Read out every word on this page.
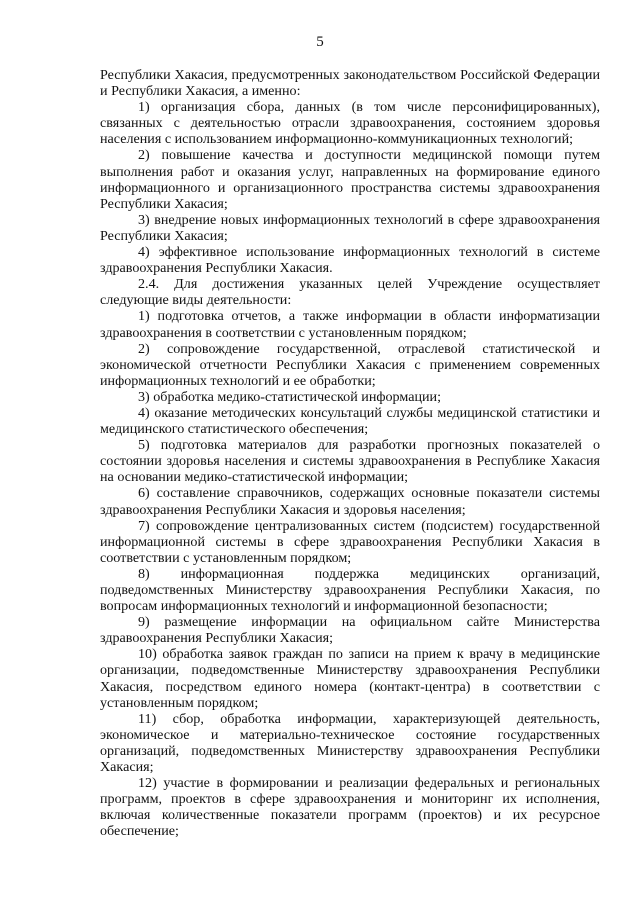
5

Республики Хакасия, предусмотренных законодательством Российской Федерации и Республики Хакасия, а именно:

1) организация сбора, данных (в том числе персонифицированных), связанных с деятельностью отрасли здравоохранения, состоянием здоровья населения с использованием информационно-коммуникационных технологий;

2) повышение качества и доступности медицинской помощи путем выполнения работ и оказания услуг, направленных на формирование единого информационного и организационного пространства системы здравоохранения Республики Хакасия;

3) внедрение новых информационных технологий в сфере здравоохранения Республики Хакасия;

4) эффективное использование информационных технологий в системе здравоохранения Республики Хакасия.

2.4. Для достижения указанных целей Учреждение осуществляет следующие виды деятельности:

1) подготовка отчетов, а также информации в области информатизации здравоохранения в соответствии с установленным порядком;

2) сопровождение государственной, отраслевой статистической и экономической отчетности Республики Хакасия с применением современных информационных технологий и ее обработки;

3) обработка медико-статистической информации;

4) оказание методических консультаций службы медицинской статистики и медицинского статистического обеспечения;

5) подготовка материалов для разработки прогнозных показателей о состоянии здоровья населения и системы здравоохранения в Республике Хакасия на основании медико-статистической информации;

6) составление справочников, содержащих основные показатели системы здравоохранения Республики Хакасия и здоровья населения;

7) сопровождение централизованных систем (подсистем) государственной информационной системы в сфере здравоохранения Республики Хакасия в соответствии с установленным порядком;

8) информационная поддержка медицинских организаций, подведомственных Министерству здравоохранения Республики Хакасия, по вопросам информационных технологий и информационной безопасности;

9) размещение информации на официальном сайте Министерства здравоохранения Республики Хакасия;

10) обработка заявок граждан по записи на прием к врачу в медицинские организации, подведомственные Министерству здравоохранения Республики Хакасия, посредством единого номера (контакт-центра) в соответствии с установленным порядком;

11) сбор, обработка информации, характеризующей деятельность, экономическое и материально-техническое состояние государственных организаций, подведомственных Министерству здравоохранения Республики Хакасия;

12) участие в формировании и реализации федеральных и региональных программ, проектов в сфере здравоохранения и мониторинг их исполнения, включая количественные показатели программ (проектов) и их ресурсное обеспечение;
